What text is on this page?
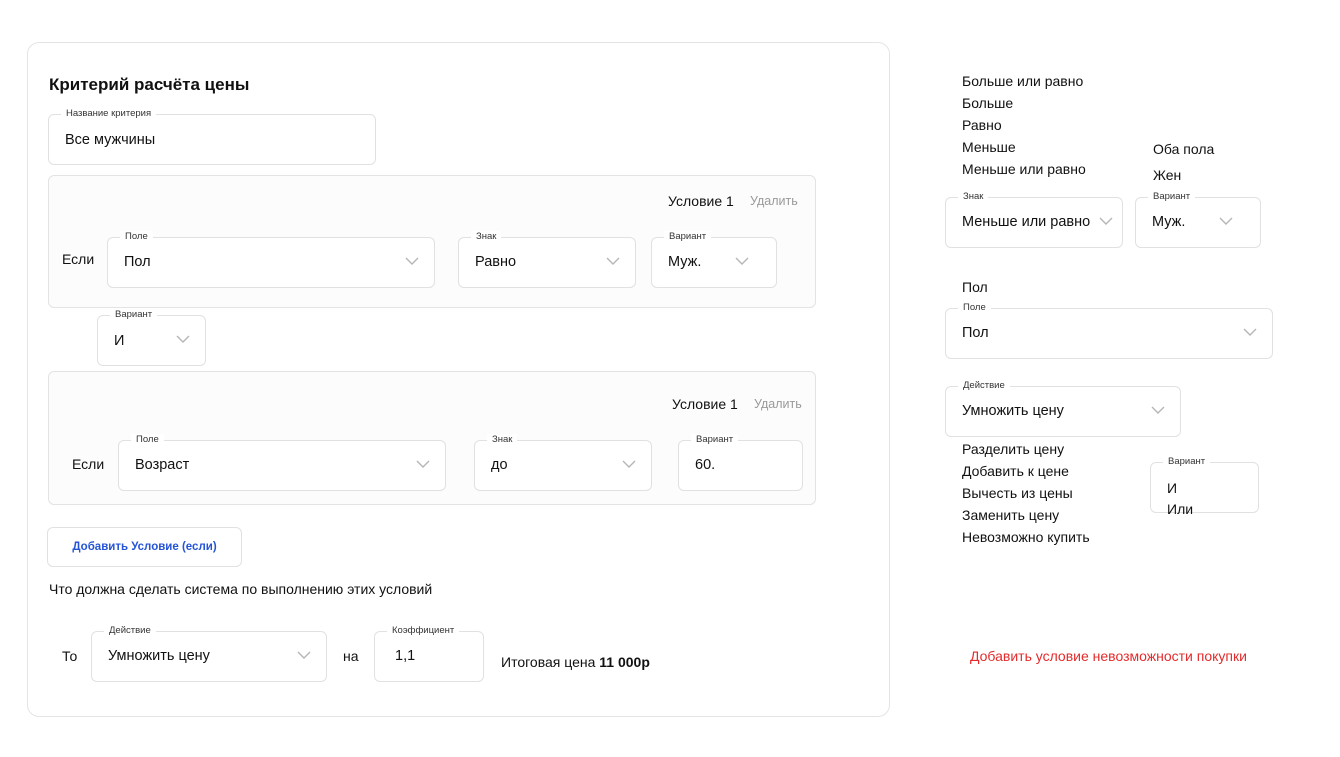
Критерий расчёта цены
Название критерия
Все мужчины
Условие 1 Удалить
Если
Поле
Пол
Знак
Равно
Вариант
Муж.
Вариант
И
Условие 1 Удалить
Если
Поле
Возраст
Знак
до
Вариант
60.
Добавить Условие (если)
Что должна сделать система по выполнению этих условий
То
Действие
Умножить цену	на
Коэффициент
1,1	Итоговая цена 11 000р
Больше или равно
Больше
Равно
Меньше
Меньше или равно
Оба пола
Жен
Знак
Меньше или равно
Вариант
Муж.
Пол
Поле
Пол
Действие
Умножить цену
Разделить цену
Добавить к цене
Вычесть из цены
Заменить цену
Невозможно купить
Вариант
И
Или
Добавить условие невозможности покупки
